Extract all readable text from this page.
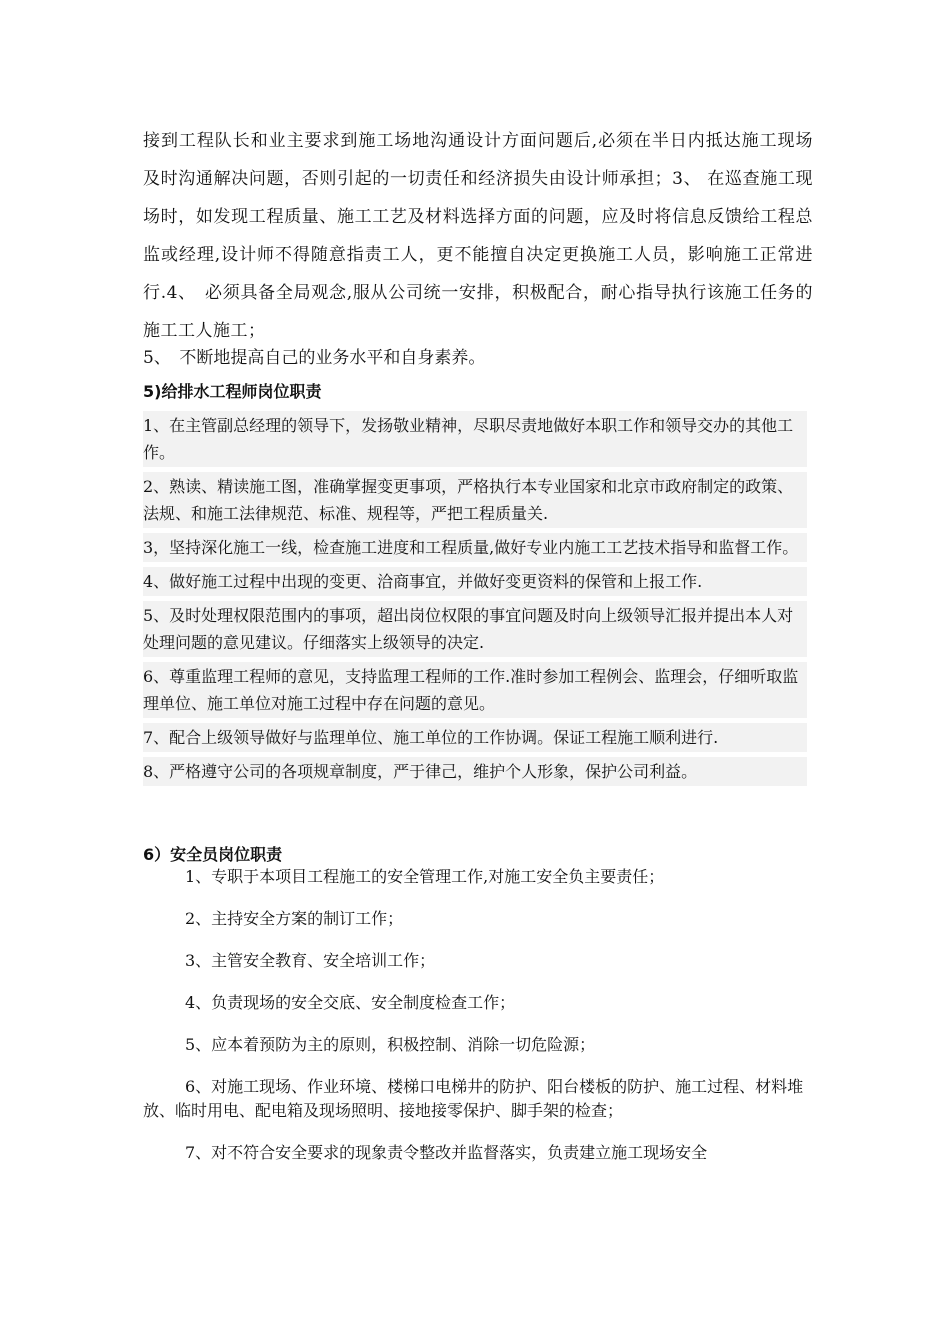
接到工程队长和业主要求到施工场地沟通设计方面问题后,必须在半日内抵达施工现场及时沟通解决问题，否则引起的一切责任和经济损失由设计师承担；3、 在巡查施工现场时，如发现工程质量、施工工艺及材料选择方面的问题，应及时将信息反馈给工程总监或经理,设计师不得随意指责工人，更不能擅自决定更换施工人员，影响施工正常进行.4、　必须具备全局观念,服从公司统一安排，积极配合，耐心指导执行该施工任务的施工工人施工；

5、　不断地提高自己的业务水平和自身素养。

5)给排水工程师岗位职责

1、在主管副总经理的领导下，发扬敬业精神，尽职尽责地做好本职工作和领导交办的其他工作。

2、熟读、精读施工图，准确掌握变更事项，严格执行本专业国家和北京市政府制定的政策、法规、和施工法律规范、标准、规程等，严把工程质量关.

3，坚持深化施工一线，检查施工进度和工程质量,做好专业内施工工艺技术指导和监督工作。

4、做好施工过程中出现的变更、洽商事宜，并做好变更资料的保管和上报工作.

5、及时处理权限范围内的事项，超出岗位权限的事宜问题及时向上级领导汇报并提出本人对处理问题的意见建议。仔细落实上级领导的决定.

6、尊重监理工程师的意见，支持监理工程师的工作.准时参加工程例会、监理会，仔细听取监理单位、施工单位对施工过程中存在问题的意见。

7、配合上级领导做好与监理单位、施工单位的工作协调。保证工程施工顺利进行.

8、严格遵守公司的各项规章制度，严于律己，维护个人形象，保护公司利益。

6）安全员岗位职责

1、专职于本项目工程施工的安全管理工作,对施工安全负主要责任；

2、主持安全方案的制订工作；

3、主管安全教育、安全培训工作；

4、负责现场的安全交底、安全制度检查工作；

5、应本着预防为主的原则，积极控制、消除一切危险源；

6、对施工现场、作业环境、楼梯口电梯井的防护、阳台楼板的防护、施工过程、材料堆放、临时用电、配电箱及现场照明、接地接零保护、脚手架的检查；

7、对不符合安全要求的现象责令整改并监督落实，负责建立施工现场安全
